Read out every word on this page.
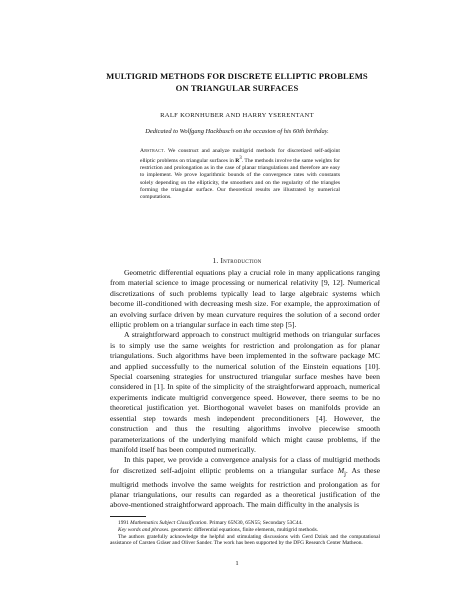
MULTIGRID METHODS FOR DISCRETE ELLIPTIC PROBLEMS
ON TRIANGULAR SURFACES
RALF KORNHUBER AND HARRY YSERENTANT
Dedicated to Wolfgang Hackbusch on the occasion of his 60th birthday.
Abstract. We construct and analyze multigrid methods for discretized self-adjoint elliptic problems on triangular surfaces in $R^3$. The methods involve the same weights for restriction and prolongation as in the case of planar triangulations and therefore are easy to implement. We prove logarithmic bounds of the convergence rates with constants solely depending on the ellipticity, the smoothers and on the regularity of the triangles forming the triangular surface. Our theoretical results are illustrated by numerical computations.
1. Introduction

Geometric differential equations play a crucial role in many applications ranging from material science to image processing or numerical relativity [9, 12]. Numerical discretizations of such problems typically lead to large algebraic systems which become ill-conditioned with decreasing mesh size. For example, the approximation of an evolving surface driven by mean curvature requires the solution of a second order elliptic problem on a triangular surface in each time step [5].

A straightforward approach to construct multigrid methods on triangular surfaces is to simply use the same weights for restriction and prolongation as for planar triangulations. Such algorithms have been implemented in the software package MC and applied successfully to the numerical solution of the Einstein equations [10]. Special coarsening strategies for unstructured triangular surface meshes have been considered in [1]. In spite of the simplicity of the straightforward approach, numerical experiments indicate multigrid convergence speed. However, there seems to be no theoretical justification yet. Biorthogonal wavelet bases on manifolds provide an essential step towards mesh independent preconditioners [4]. However, the construction and thus the resulting algorithms involve piecewise smooth parameterizations of the underlying manifold which might cause problems, if the manifold itself has been computed numerically.

In this paper, we provide a convergence analysis for a class of multigrid methods for discretized self-adjoint elliptic problems on a triangular surface $M_j$. As these multigrid methods involve the same weights for restriction and prolongation as for planar triangulations, our results can regarded as a theoretical justification of the above-mentioned straightforward approach. The main difficulty in the analysis is

1991 Mathematics Subject Classification. Primary 65N30, 65N55; Secondary 53C44.

Key words and phrases. geometric differential equations, finite elements, multigrid methods.

The authors gratefully acknowledge the helpful and stimulating discussions with Gerd Dziuk and the computational assistance of Carsten Gräser and Oliver Sander. The work has been supported by the DFG Research Center Matheon.

1
